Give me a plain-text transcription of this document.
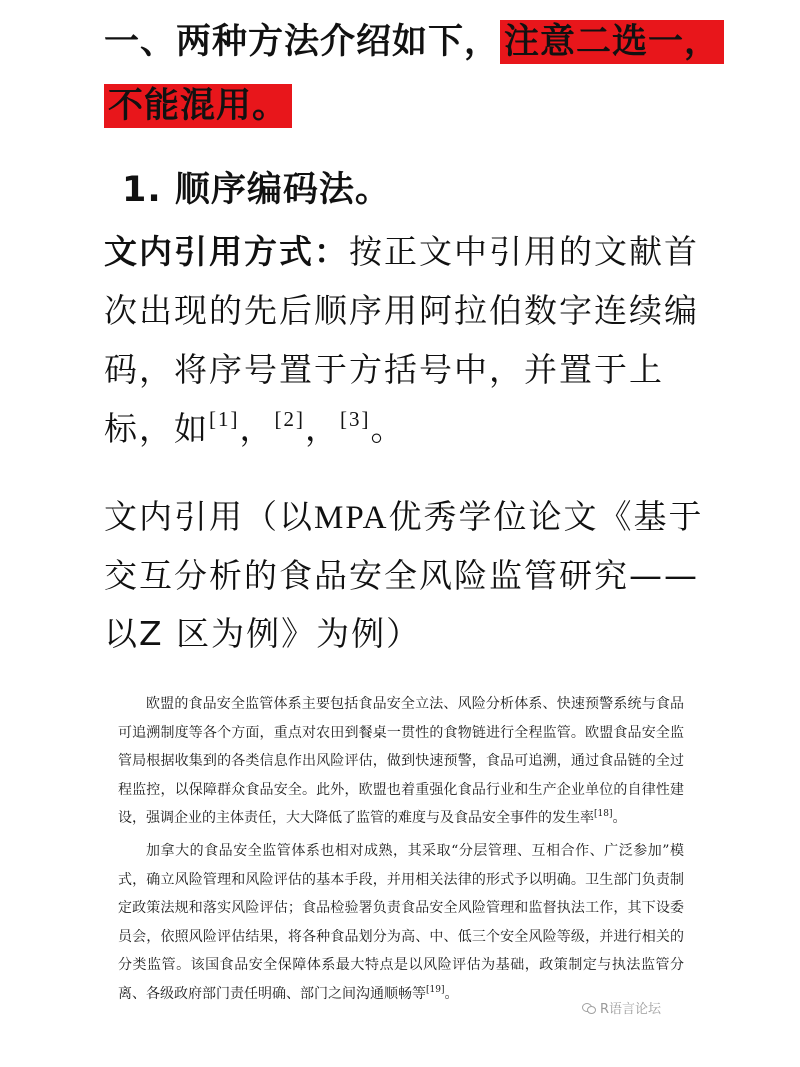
一、两种方法介绍如下， 注意二选一，
不能混用。
1. 顺序编码法。
文内引用方式：按正文中引用的文献首次出现的先后顺序用阿拉伯数字连续编码，将序号置于方括号中，并置于上标，如[1]，[2]，[3]。
文内引用（以MPA优秀学位论文《基于
交互分析的食品安全风险监管研究——
以Z 区为例》为例）

欧盟的食品安全监管体系主要包括食品安全立法、风险分析体系、快速预警系统与食品可追溯制度等各个方面，重点对农田到餐桌一贯性的食物链进行全程监管。欧盟食品安全监管局根据收集到的各类信息作出风险评估，做到快速预警，食品可追溯，通过食品链的全过程监控，以保障群众食品安全。此外，欧盟也着重强化食品行业和生产企业单位的自律性建设，强调企业的主体责任，大大降低了监管的难度与及食品安全事件的发生率[18]。

加拿大的食品安全监管体系也相对成熟，其采取“分层管理、互相合作、广泛参加”模式，确立风险管理和风险评估的基本手段，并用相关法律的形式予以明确。卫生部门负责制定政策法规和落实风险评估；食品检验署负责食品安全风险管理和监督执法工作，其下设委员会，依照风险评估结果，将各种食品划分为高、中、低三个安全风险等级，并进行相关的分类监管。该国食品安全保障体系最大特点是以风险评估为基础，政策制定与执法监管分离、各级政府部门责任明确、部门之间沟通顺畅等[19]。

R语言论坛
